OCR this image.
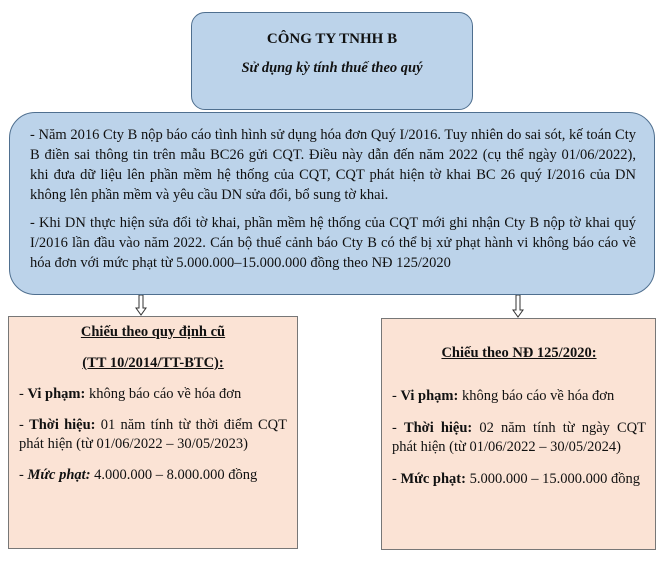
CÔNG TY TNHH B
Sử dụng kỳ tính thuế theo quý

- Năm 2016 Cty B nộp báo cáo tình hình sử dụng hóa đơn Quý I/2016. Tuy nhiên do sai sót, kế toán Cty B điền sai thông tin trên mẫu BC26 gửi CQT. Điều này dẫn đến năm 2022 (cụ thể ngày 01/06/2022), khi đưa dữ liệu lên phần mềm hệ thống của CQT, CQT phát hiện tờ khai BC 26 quý I/2016 của DN không lên phần mềm và yêu cầu DN sửa đổi, bổ sung tờ khai.

- Khi DN thực hiện sửa đổi tờ khai, phần mềm hệ thống của CQT mới ghi nhận Cty B nộp tờ khai quý I/2016 lần đầu vào năm 2022. Cán bộ thuế cảnh báo Cty B có thể bị xử phạt hành vi không báo cáo về hóa đơn với mức phạt từ 5.000.000–15.000.000 đồng theo NĐ 125/2020

Chiếu theo quy định cũ

(TT 10/2014/TT-BTC):

- Vi phạm: không báo cáo về hóa đơn

- Thời hiệu: 01 năm tính từ thời điểm CQT phát hiện (từ 01/06/2022 – 30/05/2023)

- Mức phạt: 4.000.000 – 8.000.000 đồng

Chiếu theo NĐ 125/2020:

- Vi phạm: không báo cáo về hóa đơn

- Thời hiệu: 02 năm tính từ ngày CQT phát hiện (từ 01/06/2022 – 30/05/2024)

- Mức phạt: 5.000.000 – 15.000.000 đồng
